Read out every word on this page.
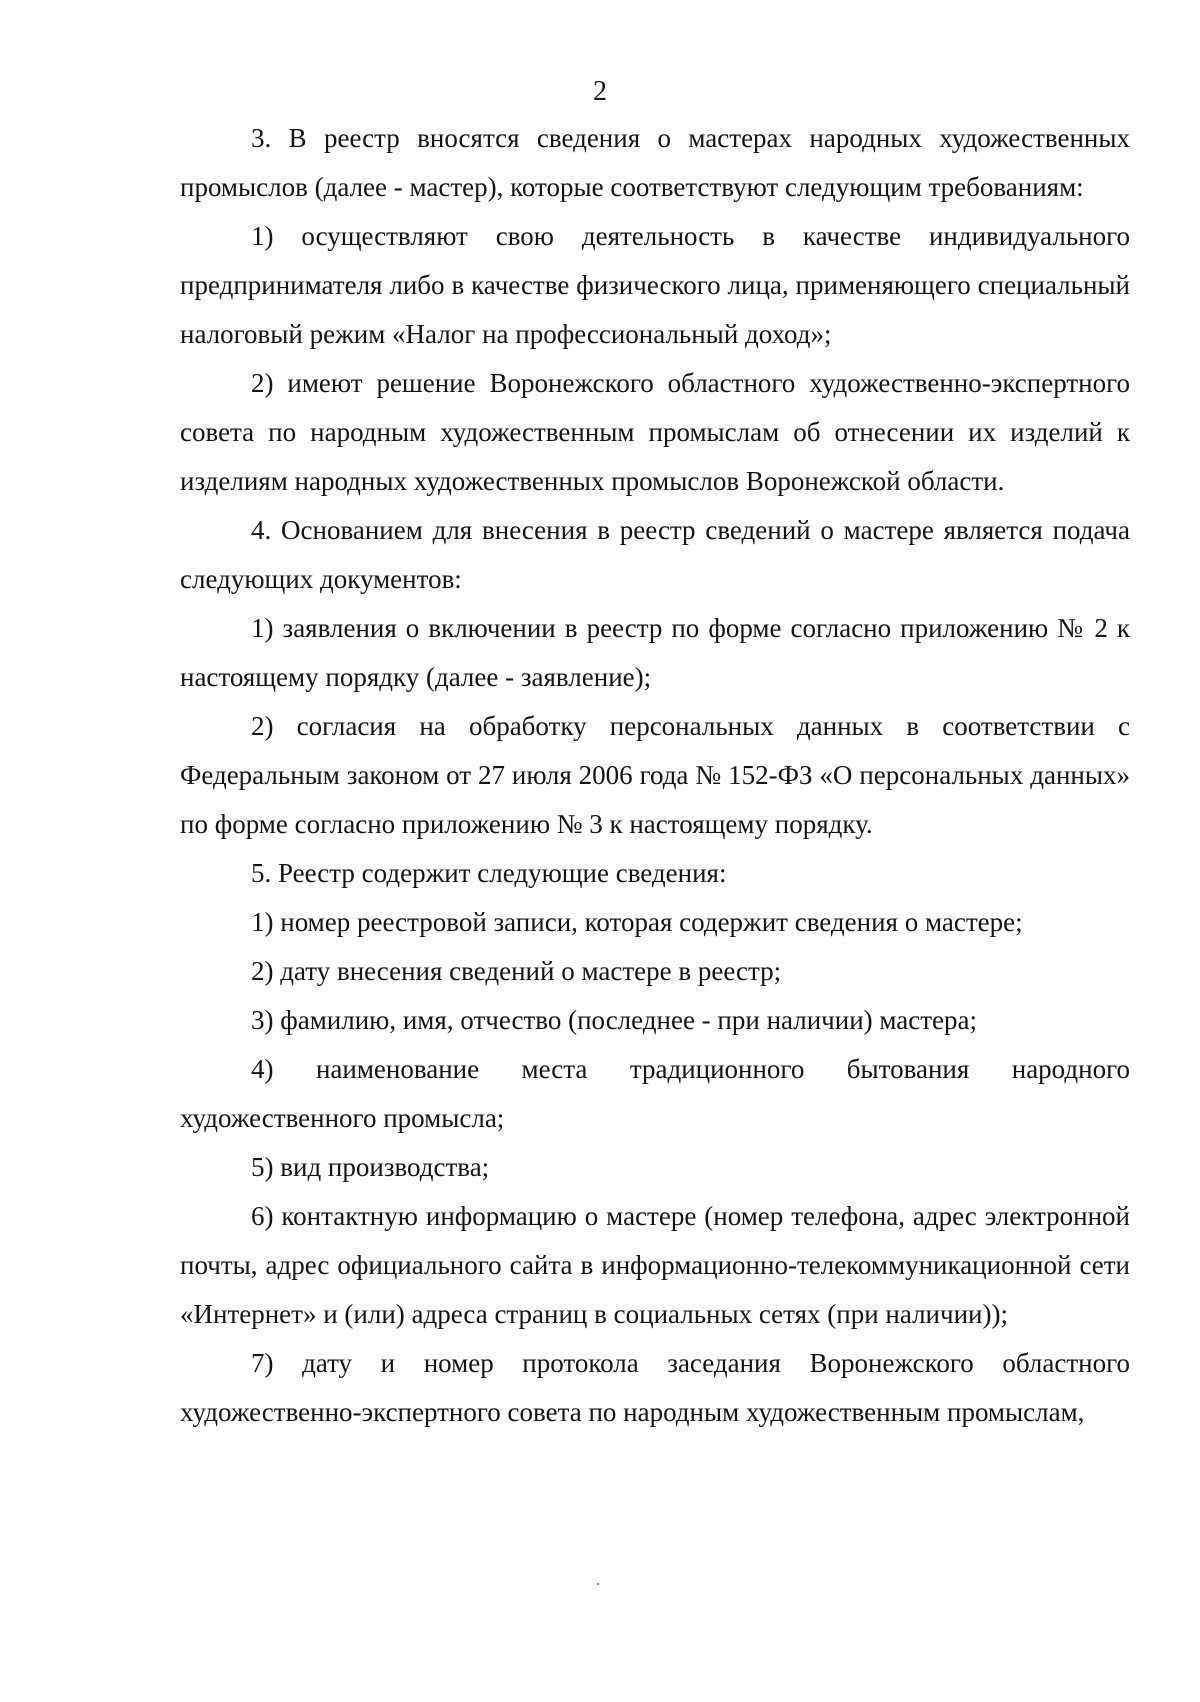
2

3. В реестр вносятся сведения о мастерах народных художественных промыслов (далее - мастер), которые соответствуют следующим требованиям:

1) осуществляют свою деятельность в качестве индивидуального предпринимателя либо в качестве физического лица, применяющего специальный налоговый режим «Налог на профессиональный доход»;

2) имеют решение Воронежского областного художественно-экспертного совета по народным художественным промыслам об отнесении их изделий к изделиям народных художественных промыслов Воронежской области.

4. Основанием для внесения в реестр сведений о мастере является подача следующих документов:

1) заявления о включении в реестр по форме согласно приложению № 2 к настоящему порядку (далее - заявление);

2) согласия на обработку персональных данных в соответствии с Федеральным законом от 27 июля 2006 года № 152-ФЗ «О персональных данных» по форме согласно приложению № 3 к настоящему порядку.

5. Реестр содержит следующие сведения:

1) номер реестровой записи, которая содержит сведения о мастере;

2) дату внесения сведений о мастере в реестр;

3) фамилию, имя, отчество (последнее - при наличии) мастера;

4) наименование места традиционного бытования народного художественного промысла;

5) вид производства;

6) контактную информацию о мастере (номер телефона, адрес электронной почты, адрес официального сайта в информационно-телекоммуникационной сети «Интернет» и (или) адреса страниц в социальных сетях (при наличии));

7) дату и номер протокола заседания Воронежского областного художественно-экспертного совета по народным художественным промыслам,
